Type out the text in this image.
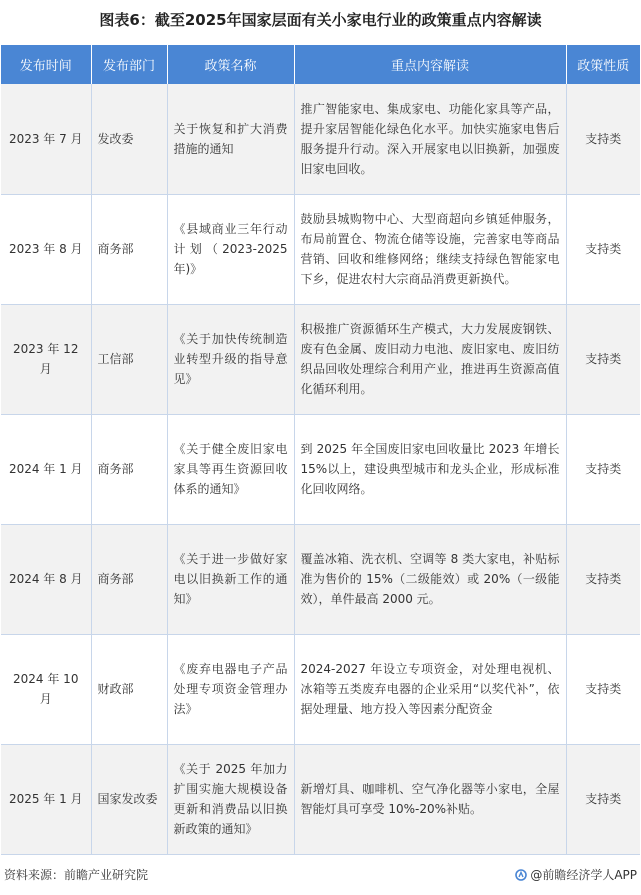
图表6：截至2025年国家层面有关小家电行业的政策重点内容解读
发布时间	发布部门	政策名称	重点内容解读	政策性质
2023 年 7 月	发改委	关于恢复和扩大消费措施的通知	推广智能家电、集成家电、功能化家具等产品，提升家居智能化绿色化水平。加快实施家电售后服务提升行动。深入开展家电以旧换新，加强废旧家电回收。	支持类
2023 年 8 月	商务部	《县域商业三年行动计划（2023-2025年)》	鼓励县城购物中心、大型商超向乡镇延伸服务，布局前置仓、物流仓储等设施，完善家电等商品营销、回收和维修网络；继续支持绿色智能家电下乡，促进农村大宗商品消费更新换代。	支持类
2023 年 12 月	工信部	《关于加快传统制造业转型升级的指导意见》	积极推广资源循环生产模式，大力发展废钢铁、废有色金属、废旧动力电池、废旧家电、废旧纺织品回收处理综合利用产业，推进再生资源高值化循环利用。	支持类
2024 年 1 月	商务部	《关于健全废旧家电家具等再生资源回收体系的通知》	到 2025 年全国废旧家电回收量比 2023 年增长15%以上，建设典型城市和龙头企业，形成标准化回收网络。	支持类
2024 年 8 月	商务部	《关于进一步做好家电以旧换新工作的通知》	覆盖冰箱、洗衣机、空调等 8 类大家电，补贴标准为售价的 15%（二级能效）或 20%（一级能效），单件最高 2000 元。	支持类
2024 年 10 月	财政部	《废弃电器电子产品处理专项资金管理办法》	2024-2027 年设立专项资金，对处理电视机、冰箱等五类废弃电器的企业采用“以奖代补”，依据处理量、地方投入等因素分配资金	支持类
2025 年 1 月	国家发改委	《关于 2025 年加力扩围实施大规模设备更新和消费品以旧换新政策的通知》	新增灯具、咖啡机、空气净化器等小家电，全屋智能灯具可享受 10%-20%补贴。	支持类
资料来源：前瞻产业研究院	@前瞻经济学人APP
